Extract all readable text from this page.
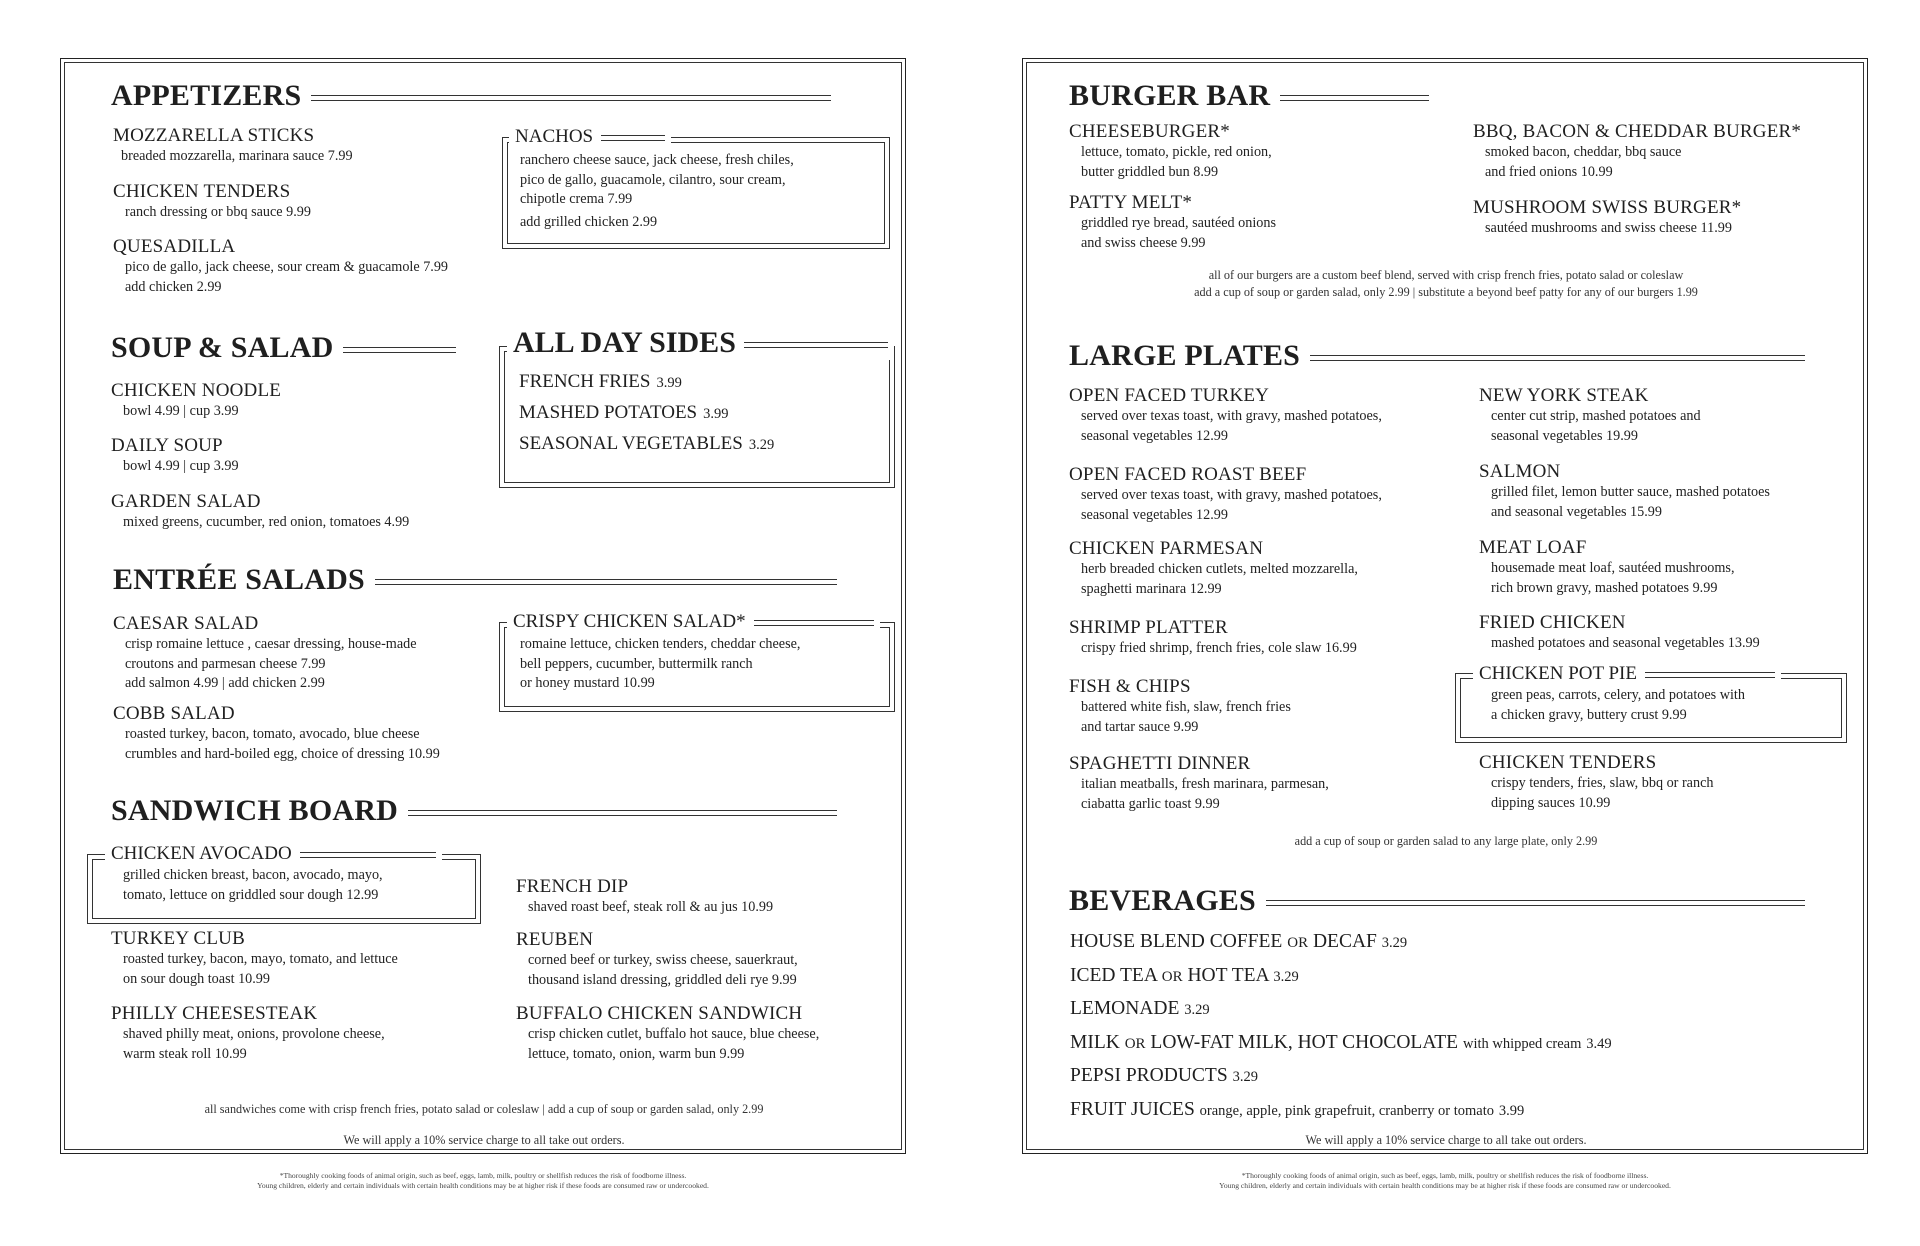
APPETIZERS
MOZZARELLA STICKS
breaded mozzarella, marinara sauce 7.99
CHICKEN TENDERS
ranch dressing or bbq sauce 9.99
QUESADILLA
pico de gallo, jack cheese, sour cream & guacamole 7.99
add chicken 2.99
NACHOS
ranchero cheese sauce, jack cheese, fresh chiles,
pico de gallo, guacamole, cilantro, sour cream,
chipotle crema 7.99
add grilled chicken 2.99
SOUP & SALAD
CHICKEN NOODLE
bowl 4.99 | cup 3.99
DAILY SOUP
bowl 4.99 | cup 3.99
GARDEN SALAD
mixed greens, cucumber, red onion, tomatoes 4.99
ALL DAY SIDES
FRENCH FRIES 3.99
MASHED POTATOES 3.99
SEASONAL VEGETABLES 3.29
ENTRÉE SALADS
CAESAR SALAD
crisp romaine lettuce , caesar dressing, house-made
croutons and parmesan cheese 7.99
add salmon 4.99 | add chicken 2.99
COBB SALAD
roasted turkey, bacon, tomato, avocado, blue cheese
crumbles and hard-boiled egg, choice of dressing 10.99
CRISPY CHICKEN SALAD*
romaine lettuce, chicken tenders, cheddar cheese,
bell peppers, cucumber, buttermilk ranch
or honey mustard 10.99
SANDWICH BOARD
CHICKEN AVOCADO
grilled chicken breast, bacon, avocado, mayo,
tomato, lettuce on griddled sour dough 12.99
TURKEY CLUB
roasted turkey, bacon, mayo, tomato, and lettuce
on sour dough toast 10.99
PHILLY CHEESESTEAK
shaved philly meat, onions, provolone cheese,
warm steak roll 10.99
FRENCH DIP
shaved roast beef, steak roll & au jus 10.99
REUBEN
corned beef or turkey, swiss cheese, sauerkraut,
thousand island dressing, griddled deli rye 9.99
BUFFALO CHICKEN SANDWICH
crisp chicken cutlet, buffalo hot sauce, blue cheese,
lettuce, tomato, onion, warm bun 9.99
all sandwiches come with crisp french fries, potato salad or coleslaw | add a cup of soup or garden salad, only 2.99
We will apply a 10% service charge to all take out orders.
*Thoroughly cooking foods of animal origin, such as beef, eggs, lamb, milk, poultry or shellfish reduces the risk of foodborne illness.
Young children, elderly and certain individuals with certain health conditions may be at higher risk if these foods are consumed raw or undercooked.
BURGER BAR
CHEESEBURGER*
lettuce, tomato, pickle, red onion,
butter griddled bun 8.99
PATTY MELT*
griddled rye bread, sautéed onions
and swiss cheese 9.99
BBQ, BACON & CHEDDAR BURGER*
smoked bacon, cheddar, bbq sauce
and fried onions 10.99
MUSHROOM SWISS BURGER*
sautéed mushrooms and swiss cheese 11.99
all of our burgers are a custom beef blend, served with crisp french fries, potato salad or coleslaw
add a cup of soup or garden salad, only 2.99 | substitute a beyond beef patty for any of our burgers 1.99
LARGE PLATES
OPEN FACED TURKEY
served over texas toast, with gravy, mashed potatoes,
seasonal vegetables 12.99
OPEN FACED ROAST BEEF
served over texas toast, with gravy, mashed potatoes,
seasonal vegetables 12.99
CHICKEN PARMESAN
herb breaded chicken cutlets, melted mozzarella,
spaghetti marinara 12.99
SHRIMP PLATTER
crispy fried shrimp, french fries, cole slaw 16.99
FISH & CHIPS
battered white fish, slaw, french fries
and tartar sauce 9.99
SPAGHETTI DINNER
italian meatballs, fresh marinara, parmesan,
ciabatta garlic toast 9.99
NEW YORK STEAK
center cut strip, mashed potatoes and
seasonal vegetables 19.99
SALMON
grilled filet, lemon butter sauce, mashed potatoes
and seasonal vegetables 15.99
MEAT LOAF
housemade meat loaf, sautéed mushrooms,
rich brown gravy, mashed potatoes 9.99
FRIED CHICKEN
mashed potatoes and seasonal vegetables 13.99
CHICKEN POT PIE
green peas, carrots, celery, and potatoes with
a chicken gravy, buttery crust 9.99
CHICKEN TENDERS
crispy tenders, fries, slaw, bbq or ranch
dipping sauces 10.99
add a cup of soup or garden salad to any large plate, only 2.99
BEVERAGES
HOUSE BLEND COFFEE OR DECAF 3.29
ICED TEA OR HOT TEA 3.29
LEMONADE 3.29
MILK OR LOW-FAT MILK, HOT CHOCOLATE with whipped cream 3.49
PEPSI PRODUCTS 3.29
FRUIT JUICES orange, apple, pink grapefruit, cranberry or tomato 3.99
We will apply a 10% service charge to all take out orders.
*Thoroughly cooking foods of animal origin, such as beef, eggs, lamb, milk, poultry or shellfish reduces the risk of foodborne illness.
Young children, elderly and certain individuals with certain health conditions may be at higher risk if these foods are consumed raw or undercooked.
